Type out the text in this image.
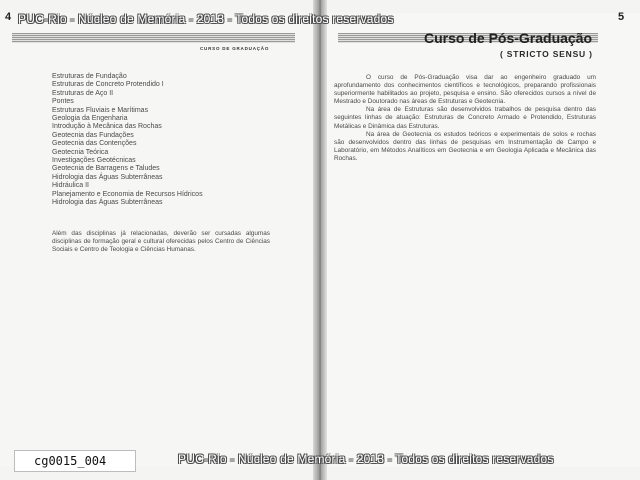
4	5
CURSO DE GRADUAÇÃO
Estruturas de Fundação
Estruturas de Concreto Protendido I
Estruturas de Aço II
Pontes
Estruturas Fluviais e Marítimas
Geologia da Engenharia
Introdução à Mecânica das Rochas
Geotecnia das Fundações
Geotecnia das Contenções
Geotecnia Teórica
Investigações Geotécnicas
Geotecnia de Barragens e Taludes
Hidrologia das Águas Subterrâneas
Hidráulica II
Planejamento e Economia de Recursos Hídricos
Hidrologia das Águas Subterrâneas

Além das disciplinas já relacionadas, deverão ser cursadas algumas disciplinas de formação geral e cultural oferecidas pelos Centro de Ciências Sociais e Centro de Teologia e Ciências Humanas.

Curso de Pós-Graduação
( STRICTO SENSU )

O curso de Pós-Graduação visa dar ao engenheiro graduado um aprofundamento dos conhecimentos científicos e tecnológicos, preparando profissionais superiormente habilitados ao projeto, pesquisa e ensino. São oferecidos cursos a nível de Mestrado e Doutorado nas áreas de Estruturas e Geotecnia.

Na área de Estruturas são desenvolvidos trabalhos de pesquisa dentro das seguintes linhas de atuação: Estruturas de Concreto Armado e Protendido, Estruturas Metálicas e Dinâmica das Estruturas.

Na área de Geotecnia os estudos teóricos e experimentais de solos e rochas são desenvolvidos dentro das linhas de pesquisas em Instrumentação de Campo e Laboratório, em Métodos Analíticos em Geotecnia e em Geologia Aplicada e Mecânica das Rochas.

PUC-Rio - Núcleo de Memória - 2013 - Todos os direitos reservados
PUC-Rio - Núcleo de Memória - 2013 - Todos os direitos reservados
cg0015_004
